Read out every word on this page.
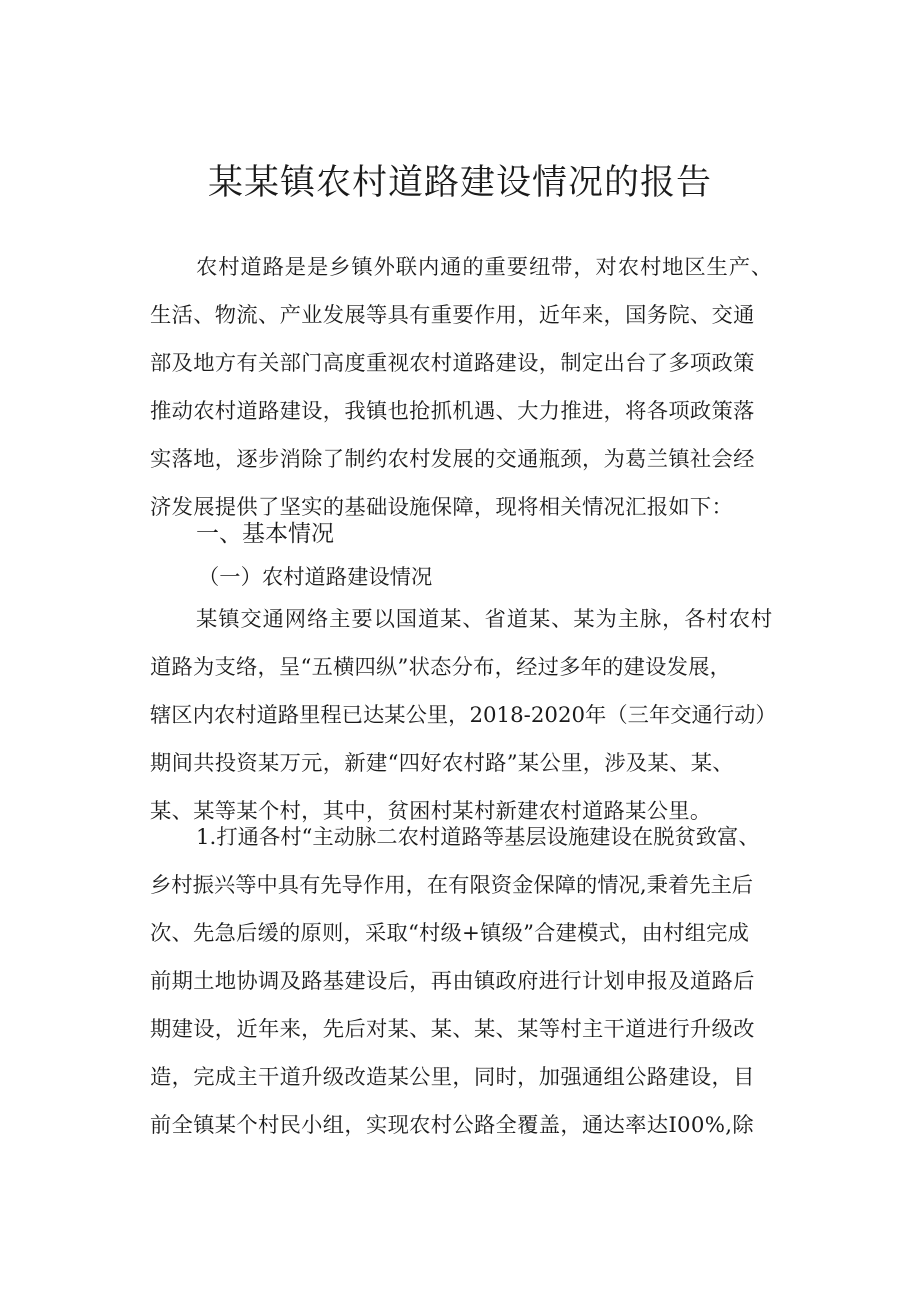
某某镇农村道路建设情况的报告
农村道路是是乡镇外联内通的重要纽带，对农村地区生产、
生活、物流、产业发展等具有重要作用，近年来，国务院、交通
部及地方有关部门高度重视农村道路建设，制定出台了多项政策
推动农村道路建设，我镇也抢抓机遇、大力推进，将各项政策落
实落地，逐步消除了制约农村发展的交通瓶颈，为葛兰镇社会经
济发展提供了坚实的基础设施保障，现将相关情况汇报如下：
一、基本情况
（一）农村道路建设情况
某镇交通网络主要以国道某、省道某、某为主脉，各村农村
道路为支络，呈“五横四纵”状态分布，经过多年的建设发展，
辖区内农村道路里程已达某公里，2018-2020年（三年交通行动）
期间共投资某万元，新建“四好农村路”某公里，涉及某、某、
某、某等某个村，其中，贫困村某村新建农村道路某公里。
1.打通各村“主动脉二农村道路等基层设施建设在脱贫致富、
乡村振兴等中具有先导作用，在有限资金保障的情况,秉着先主后
次、先急后缓的原则，采取“村级+镇级”合建模式，由村组完成
前期土地协调及路基建设后，再由镇政府进行计划申报及道路后
期建设，近年来，先后对某、某、某、某等村主干道进行升级改
造，完成主干道升级改造某公里，同时，加强通组公路建设，目
前全镇某个村民小组，实现农村公路全覆盖，通达率达I00%,除
